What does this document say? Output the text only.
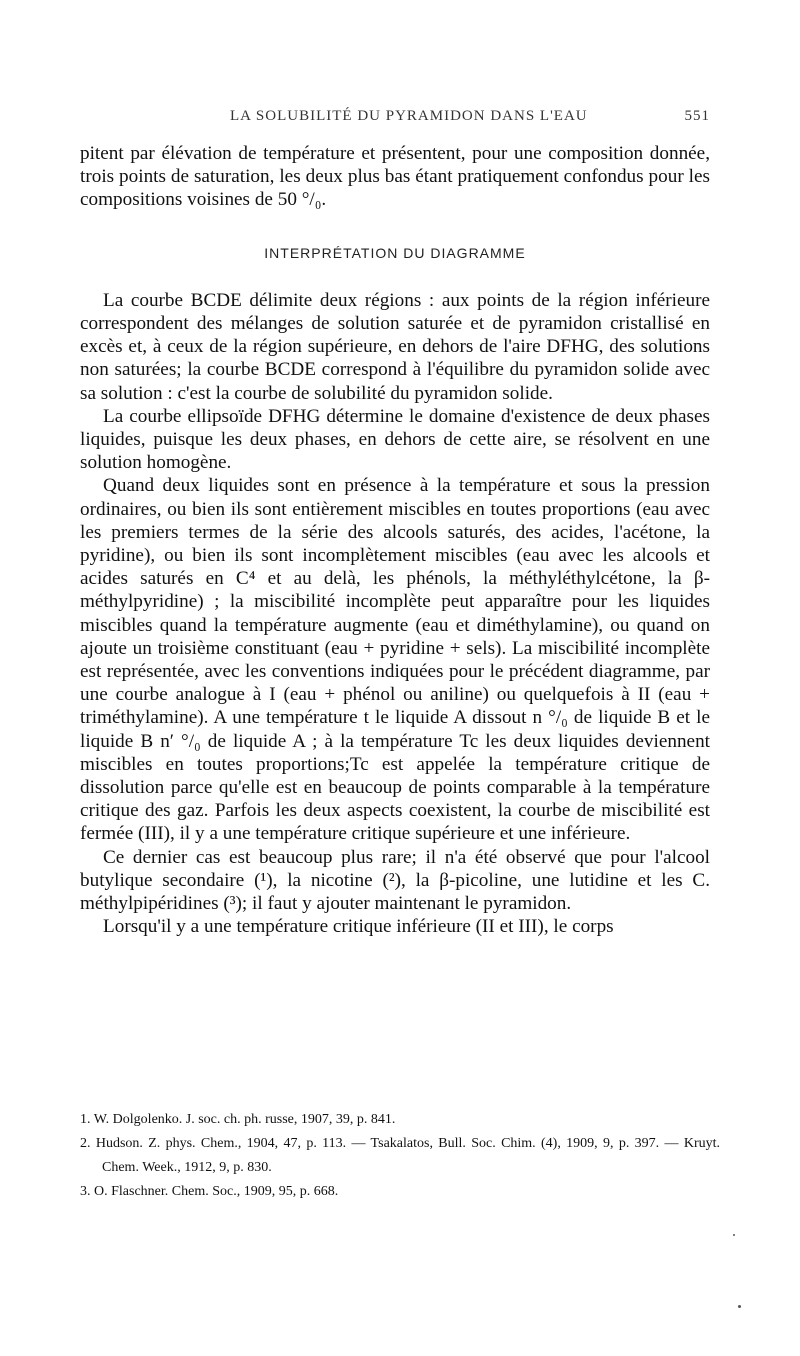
LA SOLUBILITÉ DU PYRAMIDON DANS L'EAU	551

pitent par élévation de température et présentent, pour une composition donnée, trois points de saturation, les deux plus bas étant pratiquement confondus pour les compositions voisines de 50 °/₀.

INTERPRÉTATION DU DIAGRAMME

La courbe BCDE délimite deux régions : aux points de la région inférieure correspondent des mélanges de solution saturée et de pyramidon cristallisé en excès et, à ceux de la région supérieure, en dehors de l'aire DFHG, des solutions non saturées; la courbe BCDE correspond à l'équilibre du pyramidon solide avec sa solution : c'est la courbe de solubilité du pyramidon solide.

La courbe ellipsoïde DFHG détermine le domaine d'existence de deux phases liquides, puisque les deux phases, en dehors de cette aire, se résolvent en une solution homogène.

Quand deux liquides sont en présence à la température et sous la pression ordinaires, ou bien ils sont entièrement miscibles en toutes proportions (eau avec les premiers termes de la série des alcools saturés, des acides, l'acétone, la pyridine), ou bien ils sont incomplètement miscibles (eau avec les alcools et acides saturés en C⁴ et au delà, les phénols, la méthyléthylcétone, la β-méthylpyridine) ; la miscibilité incomplète peut apparaître pour les liquides miscibles quand la température augmente (eau et diméthylamine), ou quand on ajoute un troisième constituant (eau + pyridine + sels). La miscibilité incomplète est représentée, avec les conventions indiquées pour le précédent diagramme, par une courbe analogue à I (eau + phénol ou aniline) ou quelquefois à II (eau + triméthylamine). A une température t le liquide A dissout n °/₀ de liquide B et le liquide B n′ °/₀ de liquide A ; à la température Tc les deux liquides deviennent miscibles en toutes proportions;Tc est appelée la température critique de dissolution parce qu'elle est en beaucoup de points comparable à la température critique des gaz. Parfois les deux aspects coexistent, la courbe de miscibilité est fermée (III), il y a une température critique supérieure et une inférieure.

Ce dernier cas est beaucoup plus rare; il n'a été observé que pour l'alcool butylique secondaire (¹), la nicotine (²), la β-picoline, une lutidine et les C. méthylpipéridines (³); il faut y ajouter maintenant le pyramidon.

Lorsqu'il y a une température critique inférieure (II et III), le corps

1. W. Dolgolenko. J. soc. ch. ph. russe, 1907, 39, p. 841.
2. Hudson. Z. phys. Chem., 1904, 47, p. 113. — Tsakalatos, Bull. Soc. Chim. (4), 1909, 9, p. 397. — Kruyt. Chem. Week., 1912, 9, p. 830.
3. O. Flaschner. Chem. Soc., 1909, 95, p. 668.
